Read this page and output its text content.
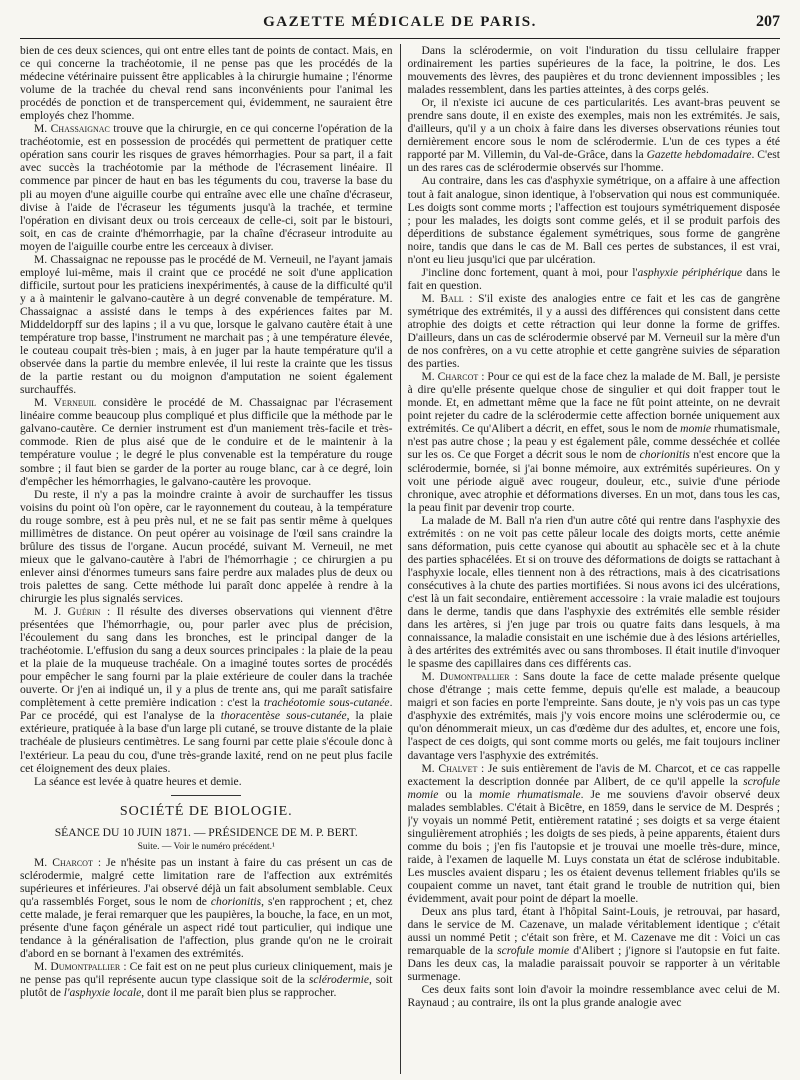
GAZETTE MÉDICALE DE PARIS.	207

bien de ces deux sciences, qui ont entre elles tant de points de contact. Mais, en ce qui concerne la trachéotomie, il ne pense pas que les procédés de la médecine vétérinaire puissent être applicables à la chirurgie humaine ; l'énorme volume de la trachée du cheval rend sans inconvénients pour l'animal les procédés de ponction et de transpercement qui, évidemment, ne sauraient être employés chez l'homme.

M. Chassaignac trouve que la chirurgie, en ce qui concerne l'opération de la trachéotomie, est en possession de procédés qui permettent de pratiquer cette opération sans courir les risques de graves hémorrhagies. Pour sa part, il a fait avec succès la trachéotomie par la méthode de l'écrasement linéaire. Il commence par pincer de haut en bas les téguments du cou, traverse la base du pli au moyen d'une aiguille courbe qui entraîne avec elle une chaîne d'écraseur, divise à l'aide de l'écraseur les téguments jusqu'à la trachée, et termine l'opération en divisant deux ou trois cerceaux de celle-ci, soit par le bistouri, soit, en cas de crainte d'hémorrhagie, par la chaîne d'écraseur introduite au moyen de l'aiguille courbe entre les cerceaux à diviser.

M. Chassaignac ne repousse pas le procédé de M. Verneuil, ne l'ayant jamais employé lui-même, mais il craint que ce procédé ne soit d'une application difficile, surtout pour les praticiens inexpérimentés, à cause de la difficulté qu'il y a à maintenir le galvano-cautère à un degré convenable de température. M. Chassaignac a assisté dans le temps à des expériences faites par M. Middeldorpff sur des lapins ; il a vu que, lorsque le galvano cautère était à une température trop basse, l'instrument ne marchait pas ; à une température élevée, le couteau coupait très-bien ; mais, à en juger par la haute température qu'il a observée dans la partie du membre enlevée, il lui reste la crainte que les tissus de la partie restant ou du moignon d'amputation ne soient également surchauffés.

M. Verneuil considère le procédé de M. Chassaignac par l'écrasement linéaire comme beaucoup plus compliqué et plus difficile que la méthode par le galvano-cautère. Ce dernier instrument est d'un maniement très-facile et très-commode. Rien de plus aisé que de le conduire et de le maintenir à la température voulue ; le degré le plus convenable est la température du rouge sombre ; il faut bien se garder de la porter au rouge blanc, car à ce degré, loin d'empêcher les hémorrhagies, le galvano-cautère les provoque.

Du reste, il n'y a pas la moindre crainte à avoir de surchauffer les tissus voisins du point où l'on opère, car le rayonnement du couteau, à la température du rouge sombre, est à peu près nul, et ne se fait pas sentir même à quelques millimètres de distance. On peut opérer au voisinage de l'œil sans craindre la brûlure des tissus de l'organe. Aucun procédé, suivant M. Verneuil, ne met mieux que le galvano-cautère à l'abri de l'hémorrhagie ; ce chirurgien a pu enlever ainsi d'énormes tumeurs sans faire perdre aux malades plus de deux ou trois palettes de sang. Cette méthode lui paraît donc appelée à rendre à la chirurgie les plus signalés services.

M. J. Guérin : Il résulte des diverses observations qui viennent d'être présentées que l'hémorrhagie, ou, pour parler avec plus de précision, l'écoulement du sang dans les bronches, est le principal danger de la trachéotomie. L'effusion du sang a deux sources principales : la plaie de la peau et la plaie de la muqueuse trachéale. On a imaginé toutes sortes de procédés pour empêcher le sang fourni par la plaie extérieure de couler dans la trachée ouverte. Or j'en ai indiqué un, il y a plus de trente ans, qui me paraît satisfaire complètement à cette première indication : c'est la trachéotomie sous-cutanée. Par ce procédé, qui est l'analyse de la thoracentèse sous-cutanée, la plaie extérieure, pratiquée à la base d'un large pli cutané, se trouve distante de la plaie trachéale de plusieurs centimètres. Le sang fourni par cette plaie s'écoule donc à l'extérieur. La peau du cou, d'une très-grande laxité, rend on ne peut plus facile cet éloignement des deux plaies.

La séance est levée à quatre heures et demie.

SOCIÉTÉ DE BIOLOGIE.
SÉANCE DU 10 JUIN 1871. — PRÉSIDENCE DE M. P. BERT.
Suite. — Voir le numéro précédent.¹

M. Charcot : Je n'hésite pas un instant à faire du cas présent un cas de sclérodermie, malgré cette limitation rare de l'affection aux extrémités supérieures et inférieures. J'ai observé déjà un fait absolument semblable. Ceux qu'a rassemblés Forget, sous le nom de chorionitis, s'en rapprochent ; et, chez cette malade, je ferai remarquer que les paupières, la bouche, la face, en un mot, présente d'une façon générale un aspect ridé tout particulier, qui indique une tendance à la généralisation de l'affection, plus grande qu'on ne le croirait d'abord en se bornant à l'examen des extrémités.

M. Dumontpallier : Ce fait est on ne peut plus curieux cliniquement, mais je ne pense pas qu'il représente aucun type classique soit de la sclérodermie, soit plutôt de l'asphyxie locale, dont il me paraît bien plus se rapprocher.

Dans la sclérodermie, on voit l'induration du tissu cellulaire frapper ordinairement les parties supérieures de la face, la poitrine, le dos. Les mouvements des lèvres, des paupières et du tronc deviennent impossibles ; les malades ressemblent, dans les parties atteintes, à des corps gelés.

Or, il n'existe ici aucune de ces particularités. Les avant-bras peuvent se prendre sans doute, il en existe des exemples, mais non les extrémités. Je sais, d'ailleurs, qu'il y a un choix à faire dans les diverses observations réunies tout dernièrement encore sous le nom de sclérodermie. L'un de ces types a été rapporté par M. Villemin, du Val-de-Grâce, dans la Gazette hebdomadaire. C'est un des rares cas de sclérodermie observés sur l'homme.

Au contraire, dans les cas d'asphyxie symétrique, on a affaire à une affection tout à fait analogue, sinon identique, à l'observation qui nous est communiquée. Les doigts sont comme morts ; l'affection est toujours symétriquement disposée ; pour les malades, les doigts sont comme gelés, et il se produit parfois des déperditions de substance également symétriques, sous forme de gangrène noire, tandis que dans le cas de M. Ball ces pertes de substances, il est vrai, n'ont eu lieu jusqu'ici que par ulcération.

J'incline donc fortement, quant à moi, pour l'asphyxie périphérique dans le fait en question.

M. Ball : S'il existe des analogies entre ce fait et les cas de gangrène symétrique des extrémités, il y a aussi des différences qui consistent dans cette atrophie des doigts et cette rétraction qui leur donne la forme de griffes. D'ailleurs, dans un cas de sclérodermie observé par M. Verneuil sur la mère d'un de nos confrères, on a vu cette atrophie et cette gangrène suivies de séparation des parties.

M. Charcot : Pour ce qui est de la face chez la malade de M. Ball, je persiste à dire qu'elle présente quelque chose de singulier et qui doit frapper tout le monde. Et, en admettant même que la face ne fût point atteinte, on ne devrait point rejeter du cadre de la sclérodermie cette affection bornée uniquement aux extrémités. Ce qu'Alibert a décrit, en effet, sous le nom de momie rhumatismale, n'est pas autre chose ; la peau y est également pâle, comme desséchée et collée sur les os. Ce que Forget a décrit sous le nom de chorionitis n'est encore que la sclérodermie, bornée, si j'ai bonne mémoire, aux extrémités supérieures. On y voit une période aiguë avec rougeur, douleur, etc., suivie d'une période chronique, avec atrophie et déformations diverses. En un mot, dans tous les cas, la peau finit par devenir trop courte.

La malade de M. Ball n'a rien d'un autre côté qui rentre dans l'asphyxie des extrémités : on ne voit pas cette pâleur locale des doigts morts, cette anémie sans déformation, puis cette cyanose qui aboutit au sphacèle sec et à la chute des parties sphacélées. Et si on trouve des déformations de doigts se rattachant à l'asphyxie locale, elles tiennent non à des rétractions, mais à des cicatrisations consécutives à la chute des parties mortifiées. Si nous avons ici des ulcérations, c'est là un fait secondaire, entièrement accessoire : la vraie maladie est toujours dans le derme, tandis que dans l'asphyxie des extrémités elle semble résider dans les artères, si j'en juge par trois ou quatre faits dans lesquels, à ma connaissance, la maladie consistait en une ischémie due à des lésions artérielles, à des artérites des extrémités avec ou sans thromboses. Il était inutile d'invoquer le spasme des capillaires dans ces différents cas.

M. Dumontpallier : Sans doute la face de cette malade présente quelque chose d'étrange ; mais cette femme, depuis qu'elle est malade, a beaucoup maigri et son facies en porte l'empreinte. Sans doute, je n'y vois pas un cas type d'asphyxie des extrémités, mais j'y vois encore moins une sclérodermie ou, ce qu'on dénommerait mieux, un cas d'œdème dur des adultes, et, encore une fois, l'aspect de ces doigts, qui sont comme morts ou gelés, me fait toujours incliner davantage vers l'asphyxie des extrémités.

M. Chalvet : Je suis entièrement de l'avis de M. Charcot, et ce cas rappelle exactement la description donnée par Alibert, de ce qu'il appelle la scrofule momie ou la momie rhumatismale. Je me souviens d'avoir observé deux malades semblables. C'était à Bicêtre, en 1859, dans le service de M. Després ; j'y voyais un nommé Petit, entièrement ratatiné ; ses doigts et sa verge étaient singulièrement atrophiés ; les doigts de ses pieds, à peine apparents, étaient durs comme du bois ; j'en fis l'autopsie et je trouvai une moelle très-dure, mince, raide, à l'examen de laquelle M. Luys constata un état de sclérose indubitable. Les muscles avaient disparu ; les os étaient devenus tellement friables qu'ils se coupaient comme un navet, tant était grand le trouble de nutrition qui, bien évidemment, avait pour point de départ la moelle.

Deux ans plus tard, étant à l'hôpital Saint-Louis, je retrouvai, par hasard, dans le service de M. Cazenave, un malade véritablement identique ; c'était aussi un nommé Petit ; c'était son frère, et M. Cazenave me dit : Voici un cas remarquable de la scrofule momie d'Alibert ; j'ignore si l'autopsie en fut faite. Dans les deux cas, la maladie paraissait pouvoir se rapporter à un véritable surmenage.

Ces deux faits sont loin d'avoir la moindre ressemblance avec celui de M. Raynaud ; au contraire, ils ont la plus grande analogie avec
